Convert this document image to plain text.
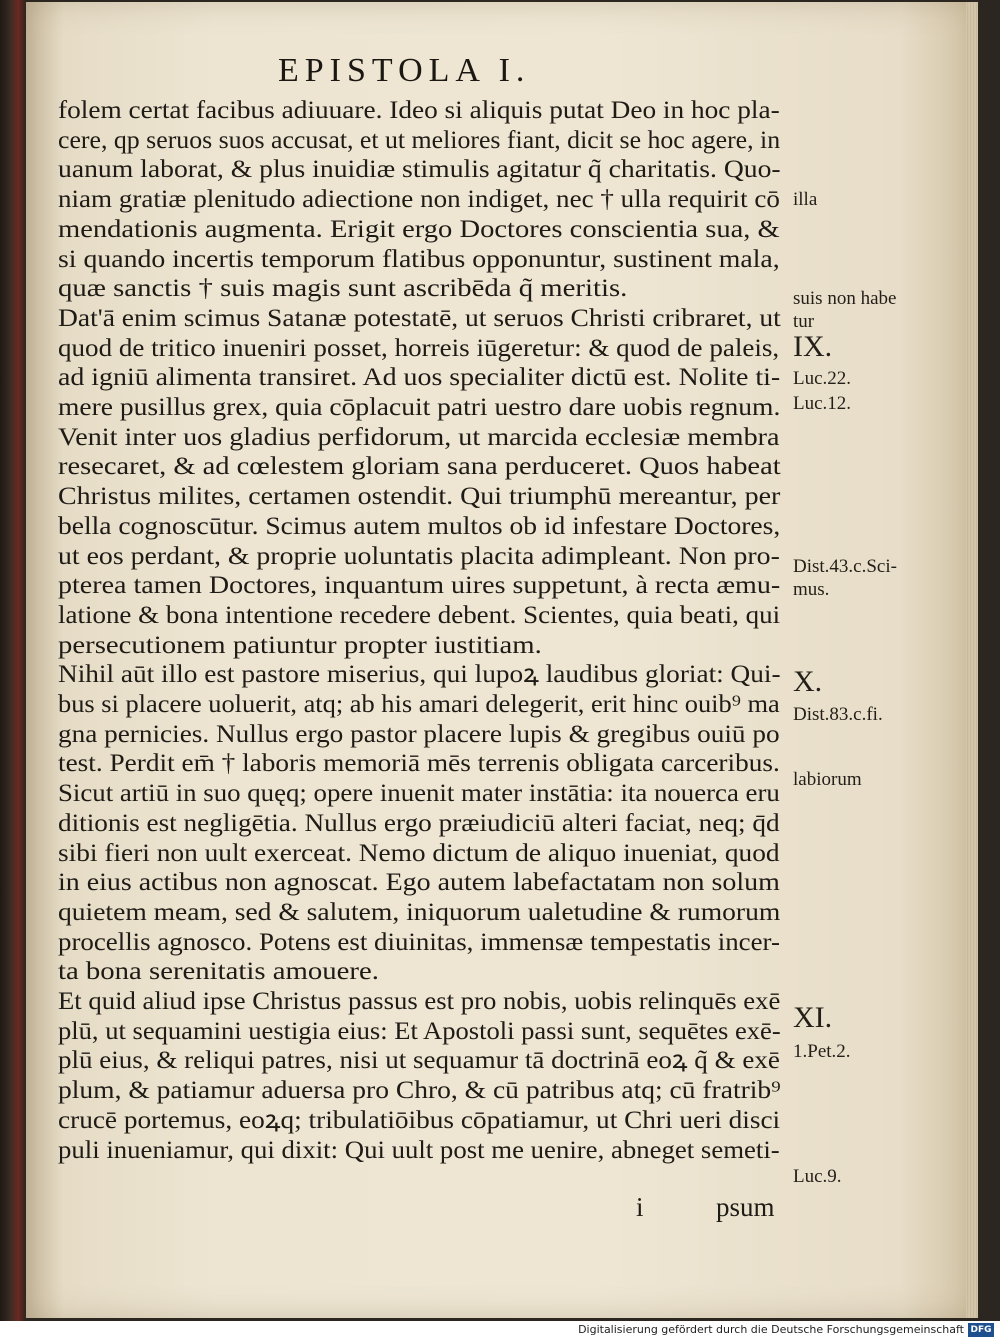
EPISTOLA I.
folem certat facibus adiuuare. Ideo si aliquis putat Deo in hoc pla-
cere, qp seruos suos accusat, et ut meliores fiant, dicit se hoc agere, in
uanum laborat, & plus inuidiæ stimulis agitatur q̃ charitatis. Quo-
niam gratiæ plenitudo adiectione non indiget, nec † ulla requirit cō
mendationis augmenta. Erigit ergo Doctores conscientia sua, &
si quando incertis temporum flatibus opponuntur, sustinent mala,
quæ sanctis † suis magis sunt ascribēda q̃ meritis.
Dat'ā enim scimus Satanæ potestatē, ut seruos Christi cribraret, ut
quod de tritico inueniri posset, horreis iūgeretur: & quod de paleis,
ad igniū alimenta transiret. Ad uos specialiter dictū est. Nolite ti-
mere pusillus grex, quia cōplacuit patri uestro dare uobis regnum.
Venit inter uos gladius perfidorum, ut marcida ecclesiæ membra
resecaret, & ad cœlestem gloriam sana perduceret. Quos habeat
Christus milites, certamen ostendit. Qui triumphū mereantur, per
bella cognoscūtur. Scimus autem multos ob id infestare Doctores,
ut eos perdant, & proprie uoluntatis placita adimpleant. Non pro-
pterea tamen Doctores, inquantum uires suppetunt, à recta æmu-
latione & bona intentione recedere debent. Scientes, quia beati, qui
persecutionem patiuntur propter iustitiam.
Nihil aūt illo est pastore miserius, qui lupoꝝ laudibus gloriat: Qui-
bus si placere uoluerit, atq; ab his amari delegerit, erit hinc ouib⁹ ma
gna pernicies. Nullus ergo pastor placere lupis & gregibus ouiū po
test. Perdit em̄ † laboris memoriā mēs terrenis obligata carceribus.
Sicut artiū in suo quęq; opere inuenit mater instātia: ita nouerca eru
ditionis est negligētia. Nullus ergo præiudiciū alteri faciat, neq; q̄d
sibi fieri non uult exerceat. Nemo dictum de aliquo inueniat, quod
in eius actibus non agnoscat. Ego autem labefactatam non solum
quietem meam, sed & salutem, iniquorum ualetudine & rumorum
procellis agnosco. Potens est diuinitas, immensæ tempestatis incer-
ta bona serenitatis amouere.
Et quid aliud ipse Christus passus est pro nobis, uobis relinquēs exē
plū, ut sequamini uestigia eius: Et Apostoli passi sunt, sequētes exē-
plū eius, & reliqui patres, nisi ut sequamur tā doctrinā eoꝝ q̃ & exē
plum, & patiamur aduersa pro Chro, & cū patribus atq; cū fratrib⁹
crucē portemus, eoꝝq; tribulatiōibus cōpatiamur, ut Chri ueri disci
puli inueniamur, qui dixit: Qui uult post me uenire, abneget semeti-
illa
suis non habe
tur
IX.
Luc.22.
Luc.12.
Dist.43.c.Sci-
mus.
X.
Dist.83.c.fi.
labiorum
XI.
1.Pet.2.
Luc.9.
i	psum
Digitalisierung gefördert durch die Deutsche Forschungsgemeinschaft DFG
